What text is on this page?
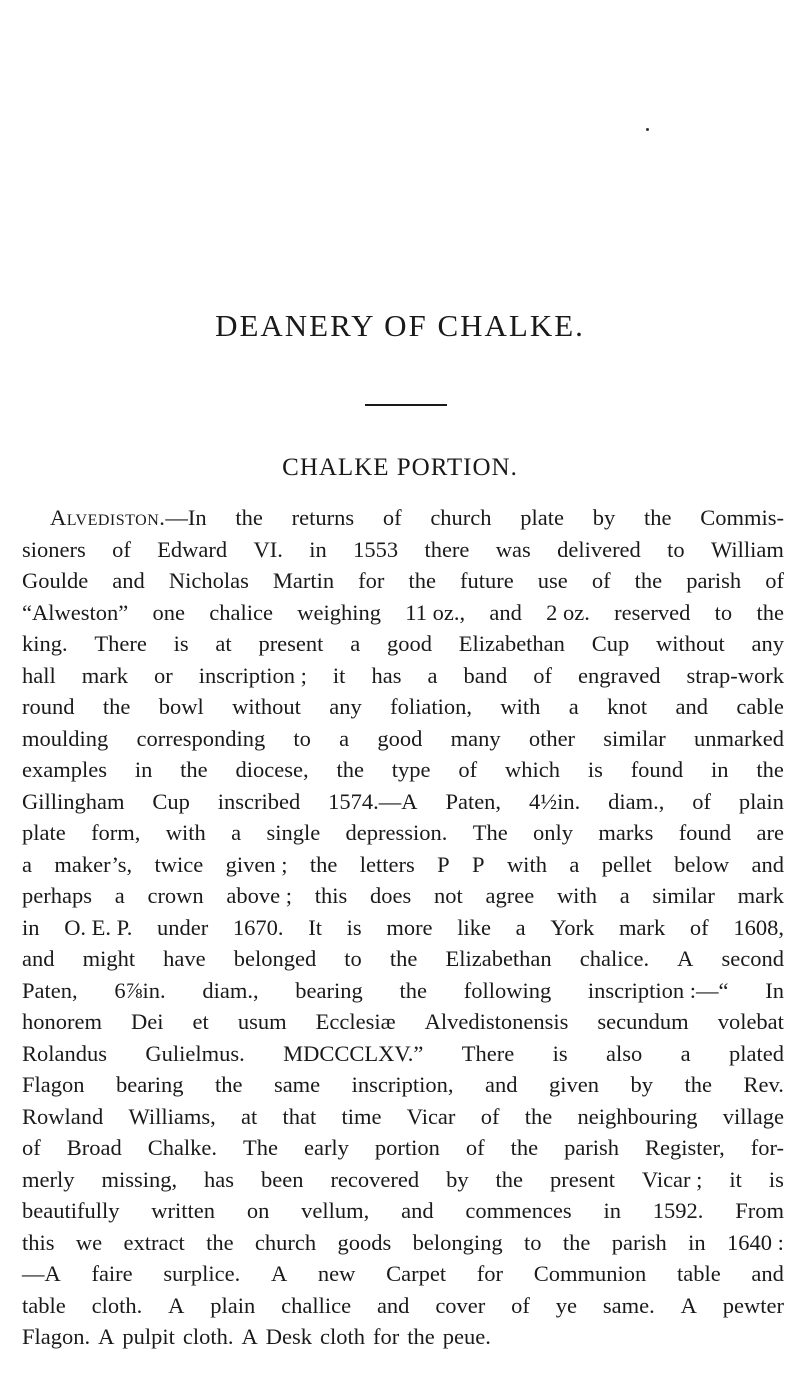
DEANERY OF CHALKE.
CHALKE PORTION.
Alvediston.—In the returns of church plate by the Commis-
sioners of Edward VI. in 1553 there was delivered to William
Goulde and Nicholas Martin for the future use of the parish of
“Alweston” one chalice weighing 11 oz., and 2 oz. reserved to the
king. There is at present a good Elizabethan Cup without any
hall mark or inscription ; it has a band of engraved strap-work
round the bowl without any foliation, with a knot and cable
moulding corresponding to a good many other similar unmarked
examples in the diocese, the type of which is found in the
Gillingham Cup inscribed 1574.—A Paten, 4½in. diam., of plain
plate form, with a single depression. The only marks found are
a maker’s, twice given ; the letters P P with a pellet below and
perhaps a crown above ; this does not agree with a similar mark
in O. E. P. under 1670. It is more like a York mark of 1608,
and might have belonged to the Elizabethan chalice. A second
Paten, 6⅞in. diam., bearing the following inscription :—“ In
honorem Dei et usum Ecclesiæ Alvedistonensis secundum volebat
Rolandus Gulielmus. MDCCCLXV.” There is also a plated
Flagon bearing the same inscription, and given by the Rev.
Rowland Williams, at that time Vicar of the neighbouring village
of Broad Chalke. The early portion of the parish Register, for-
merly missing, has been recovered by the present Vicar ; it is
beautifully written on vellum, and commences in 1592. From
this we extract the church goods belonging to the parish in 1640 :
—A faire surplice. A new Carpet for Communion table and
table cloth. A plain challice and cover of ye same. A pewter
Flagon. A pulpit cloth. A Desk cloth for the peue.
